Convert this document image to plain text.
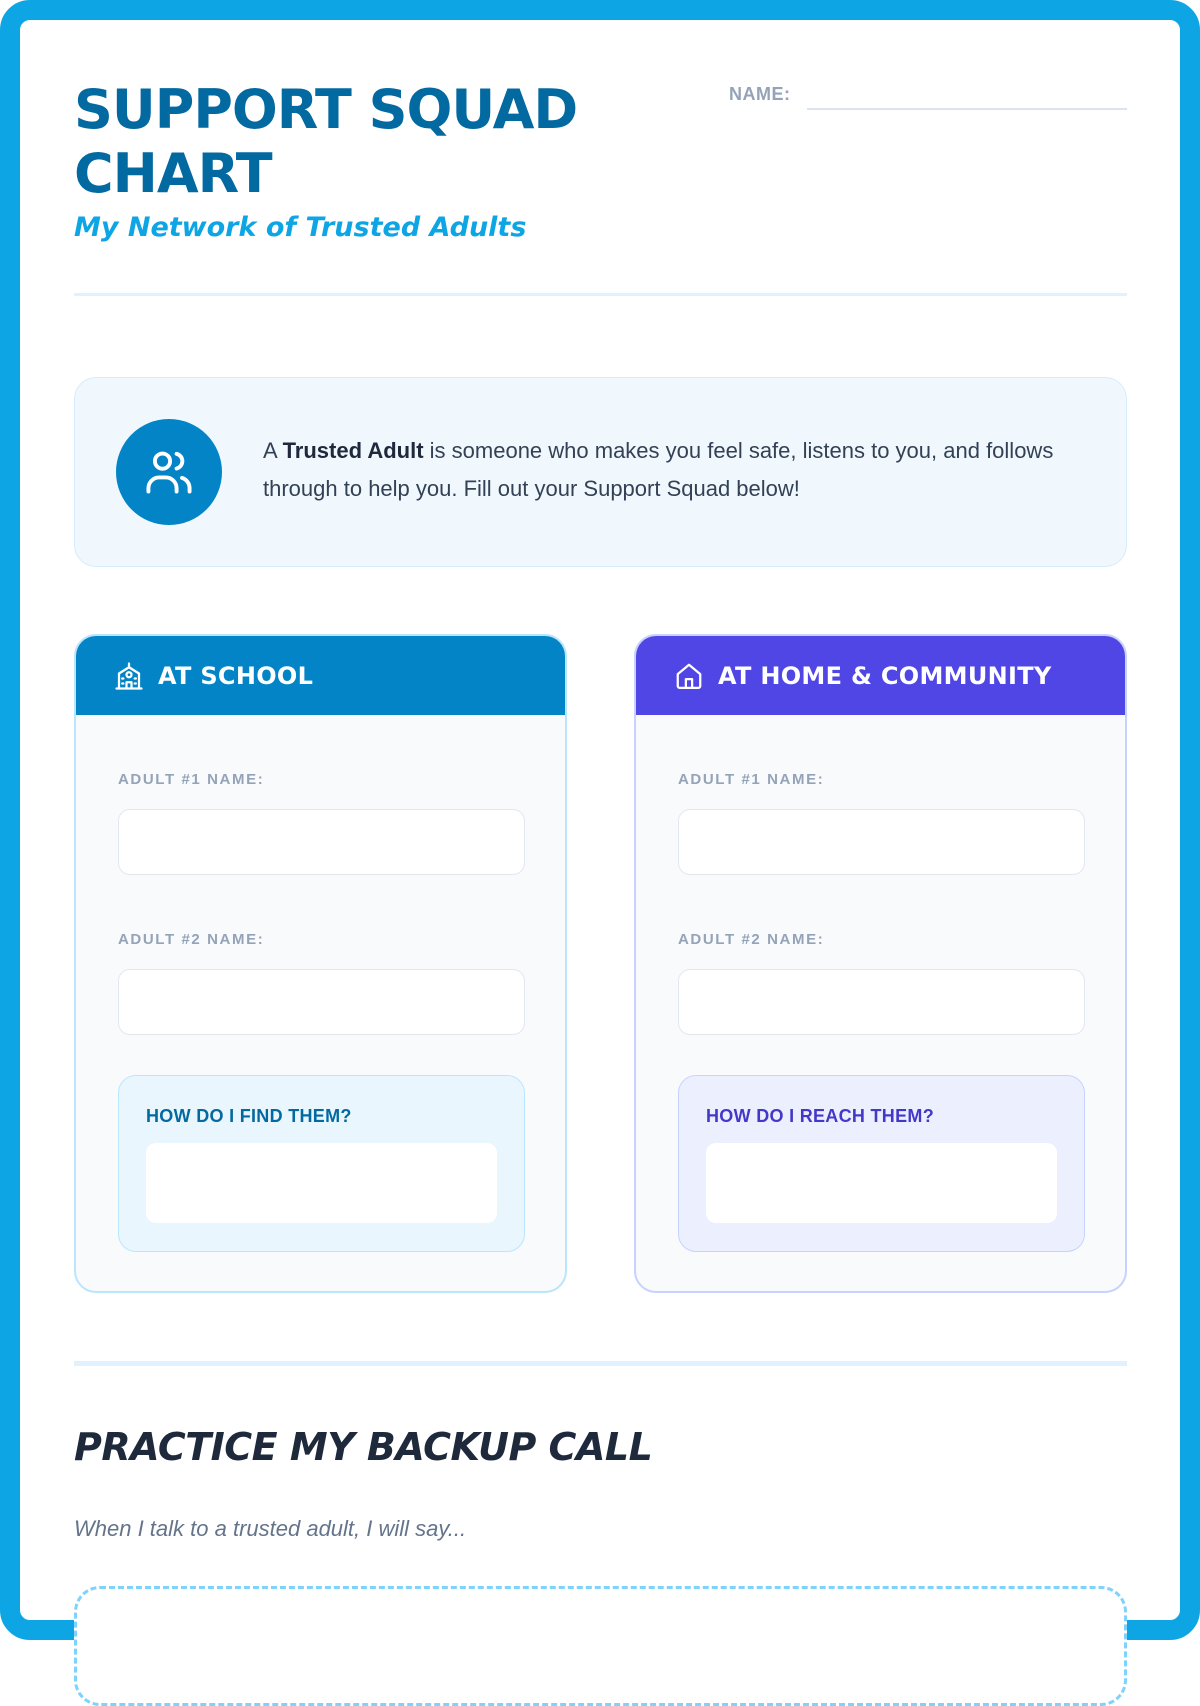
SUPPORT SQUAD CHART
My Network of Trusted Adults
NAME:

A Trusted Adult is someone who makes you feel safe, listens to you, and follows through to help you. Fill out your Support Squad below!

AT SCHOOL
ADULT #1 NAME:
ADULT #2 NAME:
HOW DO I FIND THEM?
AT HOME & COMMUNITY
ADULT #1 NAME:
ADULT #2 NAME:
HOW DO I REACH THEM?
PRACTICE MY BACKUP CALL
When I talk to a trusted adult, I will say...
